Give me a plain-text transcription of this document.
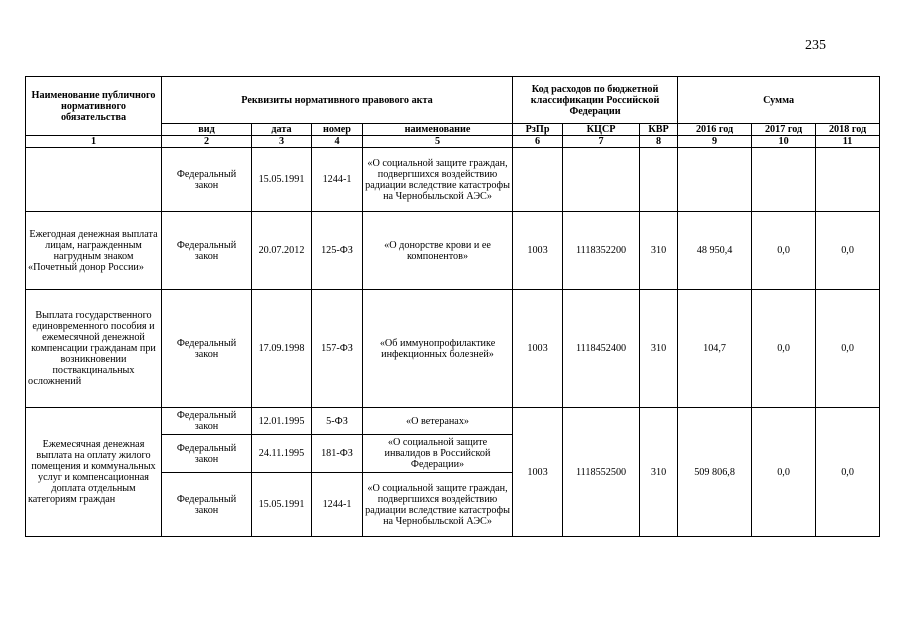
235
Наименование публичного нормативного обязательства	Реквизиты нормативного правового акта				Код расходов по бюджетной классификации Российской Федерации			Сумма		
	вид	дата	номер	наименование	РзПр	КЦСР	КВР	2016 год	2017 год	2018 год
1	2	3	4	5	6	7	8	9	10	11
	Федеральный закон	15.05.1991	1244-1	«О социальной защите граждан, подвергшихся воздействию радиации вследствие катастрофы на Чернобыльской АЭС»						
Ежегодная денежная выплата лицам, награжденным нагрудным знаком «Почетный донор России»	Федеральный закон	20.07.2012	125-ФЗ	«О донорстве крови и ее компонентов»	1003	1118352200	310	48 950,4	0,0	0,0
Выплата государственного единовременного пособия и ежемесячной денежной компенсации гражданам при возникновении поствакцинальных осложнений	Федеральный закон	17.09.1998	157-ФЗ	«Об иммунопрофилактике инфекционных болезней»	1003	1118452400	310	104,7	0,0	0,0
Ежемесячная денежная выплата на оплату жилого помещения и коммунальных услуг и компенсационная доплата отдельным категориям граждан	Федеральный закон	12.01.1995	5-ФЗ	«О ветеранах»	1003	1118552500	310	509 806,8	0,0	0,0
	Федеральный закон	24.11.1995	181-ФЗ	«О социальной защите инвалидов в Российской Федерации»						
	Федеральный закон	15.05.1991	1244-1	«О социальной защите граждан, подвергшихся воздействию радиации вследствие катастрофы на Чернобыльской АЭС»						
